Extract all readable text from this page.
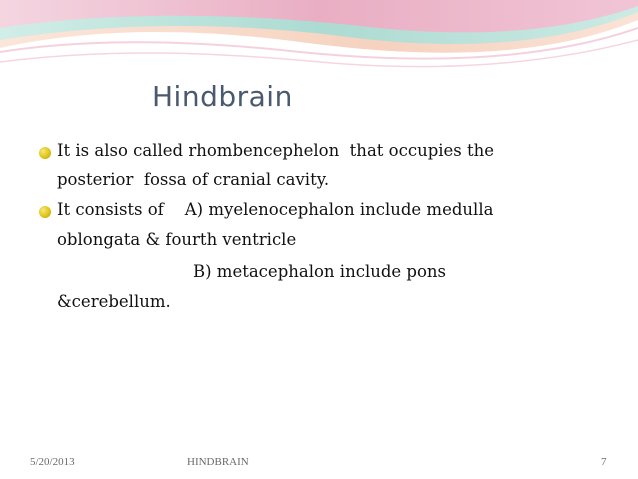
Hindbrain
It is also called rhombencephelon  that occupies the
posterior  fossa of cranial cavity.
It consists of    A) myelenocephalon include medulla
oblongata & fourth ventricle
B) metacephalon include pons
&cerebellum.
5/20/2013	HINDBRAIN	7
